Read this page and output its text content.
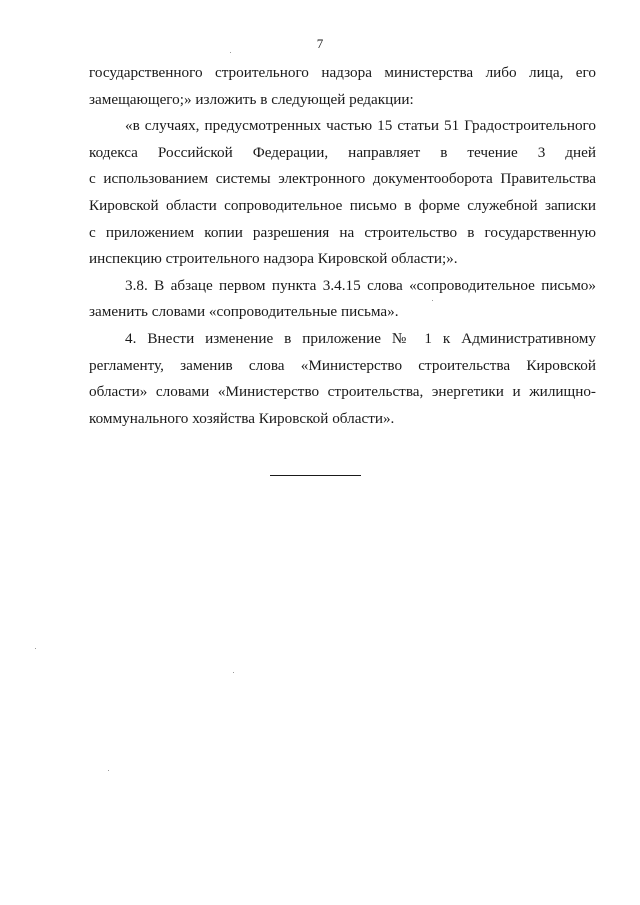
7
государственного строительного надзора министерства либо лица, его
замещающего;» изложить в следующей редакции:
«в случаях, предусмотренных частью 15 статьи 51 Градостроительного
кодекса Российской Федерации, направляет в течение 3 дней
с использованием системы электронного документооборота Правительства
Кировской области сопроводительное письмо в форме служебной записки
с приложением копии разрешения на строительство в государственную
инспекцию строительного надзора Кировской области;».
3.8. В абзаце первом пункта 3.4.15 слова «сопроводительное письмо»
заменить словами «сопроводительные письма».
4. Внести изменение в приложение № 1 к Административному
регламенту, заменив слова «Министерство строительства Кировской
области» словами «Министерство строительства, энергетики и жилищно-
коммунального хозяйства Кировской области».
